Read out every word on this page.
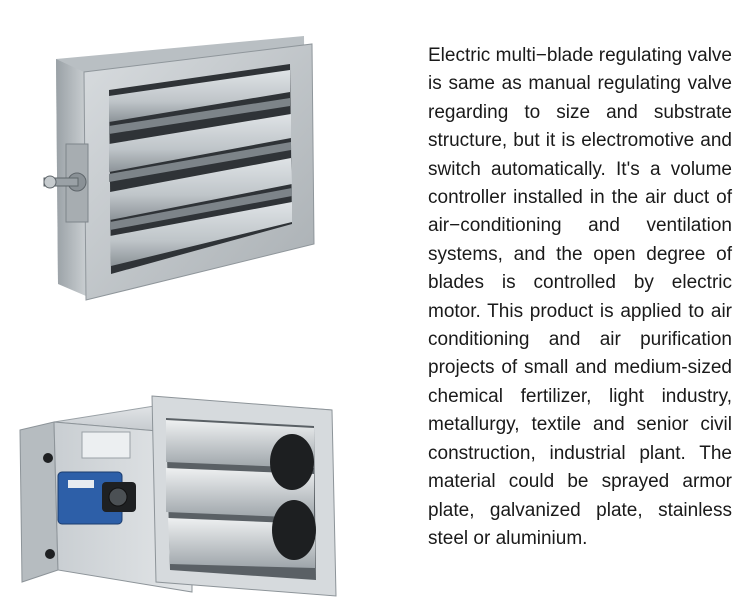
Electric multi−blade regulating valve
is same as manual regulating valve
regarding to size and substrate
structure, but it is electromotive and
switch automatically. It's a volume
controller installed in the air duct of
air−conditioning and ventilation
systems, and the open degree of
blades is controlled by electric
motor. This product is applied to air
conditioning and air purification
projects of small and medium-sized
chemical fertilizer, light industry,
metallurgy, textile and senior civil
construction, industrial plant. The
material could be sprayed armor
plate, galvanized plate, stainless
steel or aluminium.
